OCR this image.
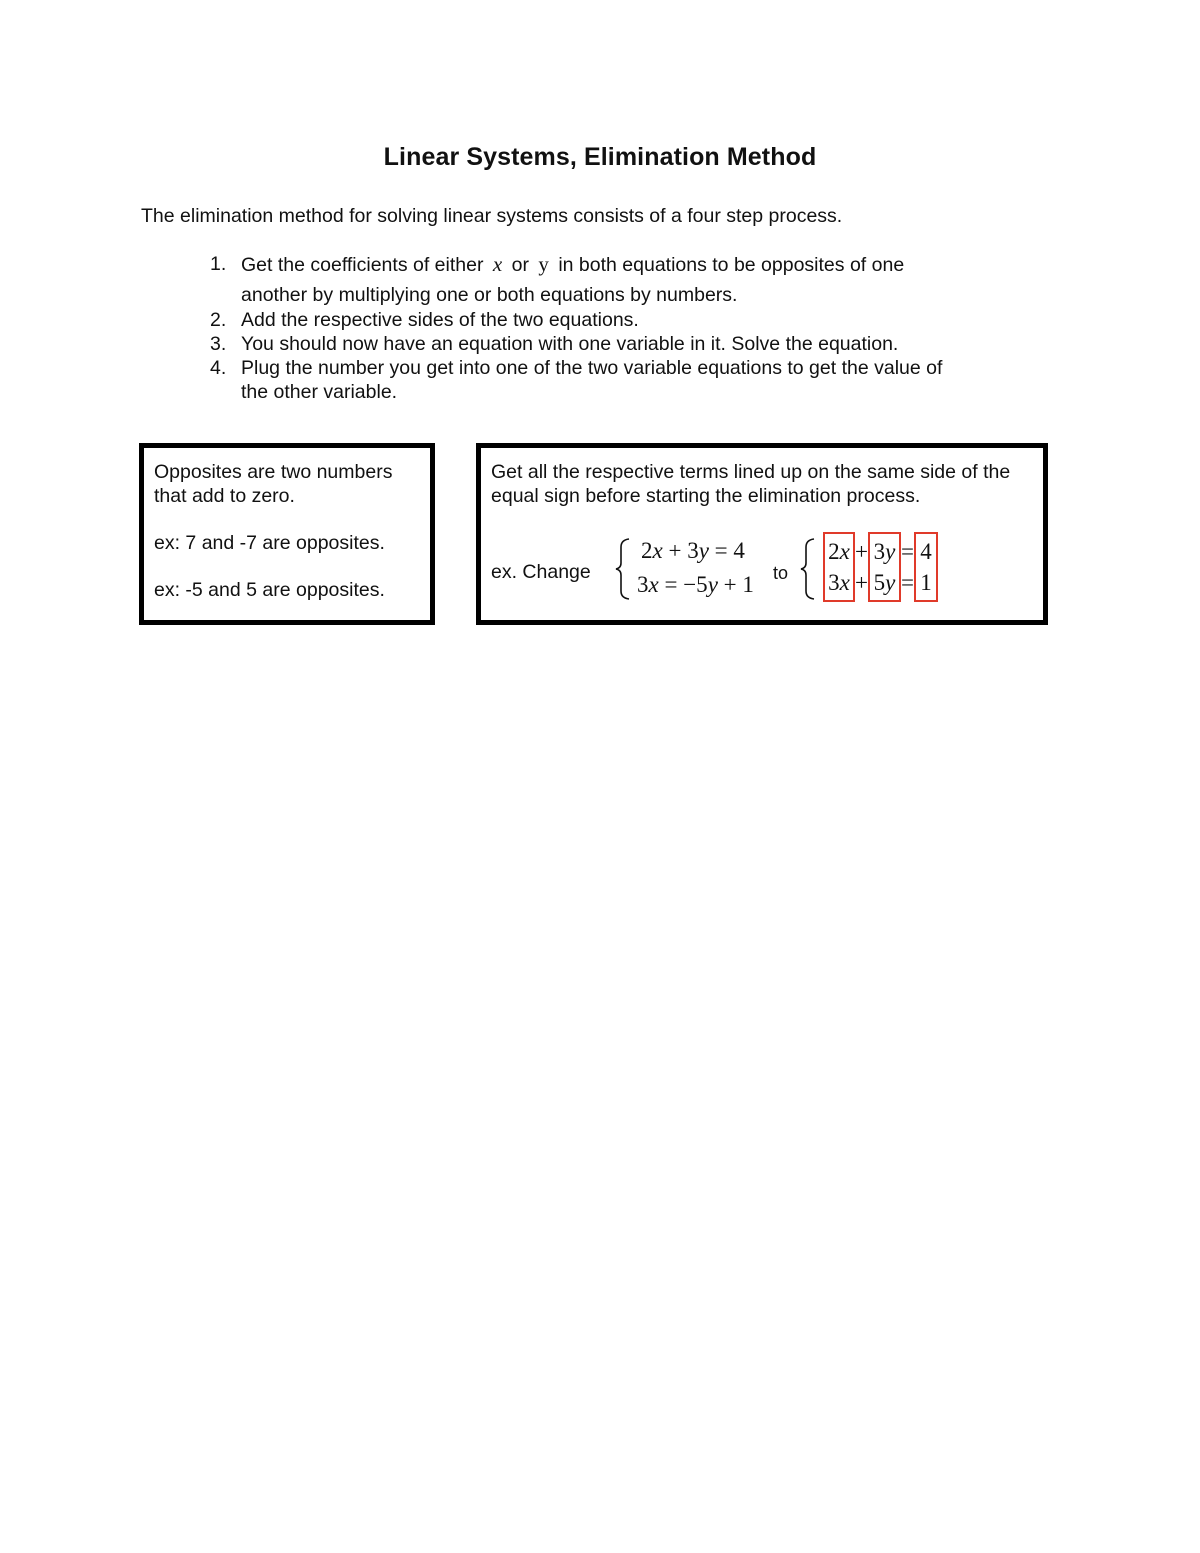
Linear Systems, Elimination Method
The elimination method for solving linear systems consists of a four step process.
1. Get the coefficients of either x or y in both equations to be opposites of one
another by multiplying one or both equations by numbers.
2. Add the respective sides of the two equations.
3. You should now have an equation with one variable in it. Solve the equation.
4. Plug the number you get into one of the two variable equations to get the value of
the other variable.

Opposites are two numbers that add to zero.

ex: 7 and -7 are opposites.

ex: -5 and 5 are opposites.

Get all the respective terms lined up on the same side of the equal sign before starting the elimination process.

ex. Change
2x + 3y = 4
3x = −5y + 1 to
2x + 3y = 4
3x + 5y = 1
